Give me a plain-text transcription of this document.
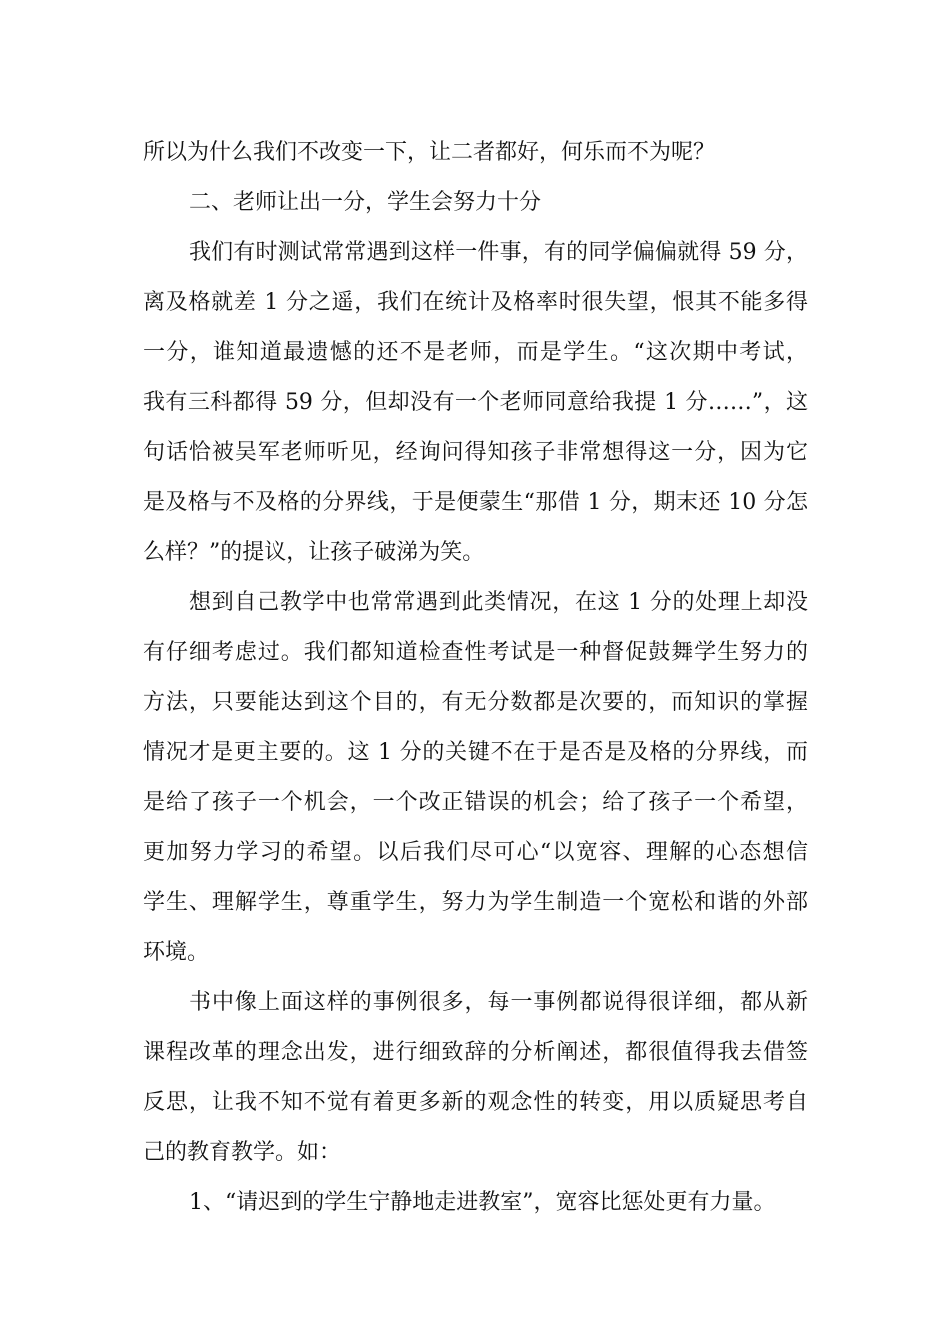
所以为什么我们不改变一下，让二者都好，何乐而不为呢？
二、老师让出一分，学生会努力十分
我们有时测试常常遇到这样一件事，有的同学偏偏就得 59 分，
离及格就差 1 分之遥，我们在统计及格率时很失望，恨其不能多得
一分，谁知道最遗憾的还不是老师，而是学生。“这次期中考试，
我有三科都得 59 分，但却没有一个老师同意给我提 1 分……”，这
句话恰被吴军老师听见，经询问得知孩子非常想得这一分，因为它
是及格与不及格的分界线，于是便蒙生“那借 1 分，期末还 10 分怎
么样？”的提议，让孩子破涕为笑。
想到自己教学中也常常遇到此类情况，在这 1 分的处理上却没
有仔细考虑过。我们都知道检查性考试是一种督促鼓舞学生努力的
方法，只要能达到这个目的，有无分数都是次要的，而知识的掌握
情况才是更主要的。这 1 分的关键不在于是否是及格的分界线，而
是给了孩子一个机会，一个改正错误的机会；给了孩子一个希望，
更加努力学习的希望。以后我们尽可心“以宽容、理解的心态想信
学生、理解学生，尊重学生，努力为学生制造一个宽松和谐的外部
环境。
书中像上面这样的事例很多，每一事例都说得很详细，都从新
课程改革的理念出发，进行细致辞的分析阐述，都很值得我去借签
反思，让我不知不觉有着更多新的观念性的转变，用以质疑思考自
己的教育教学。如：
1、“请迟到的学生宁静地走进教室”，宽容比惩处更有力量。
